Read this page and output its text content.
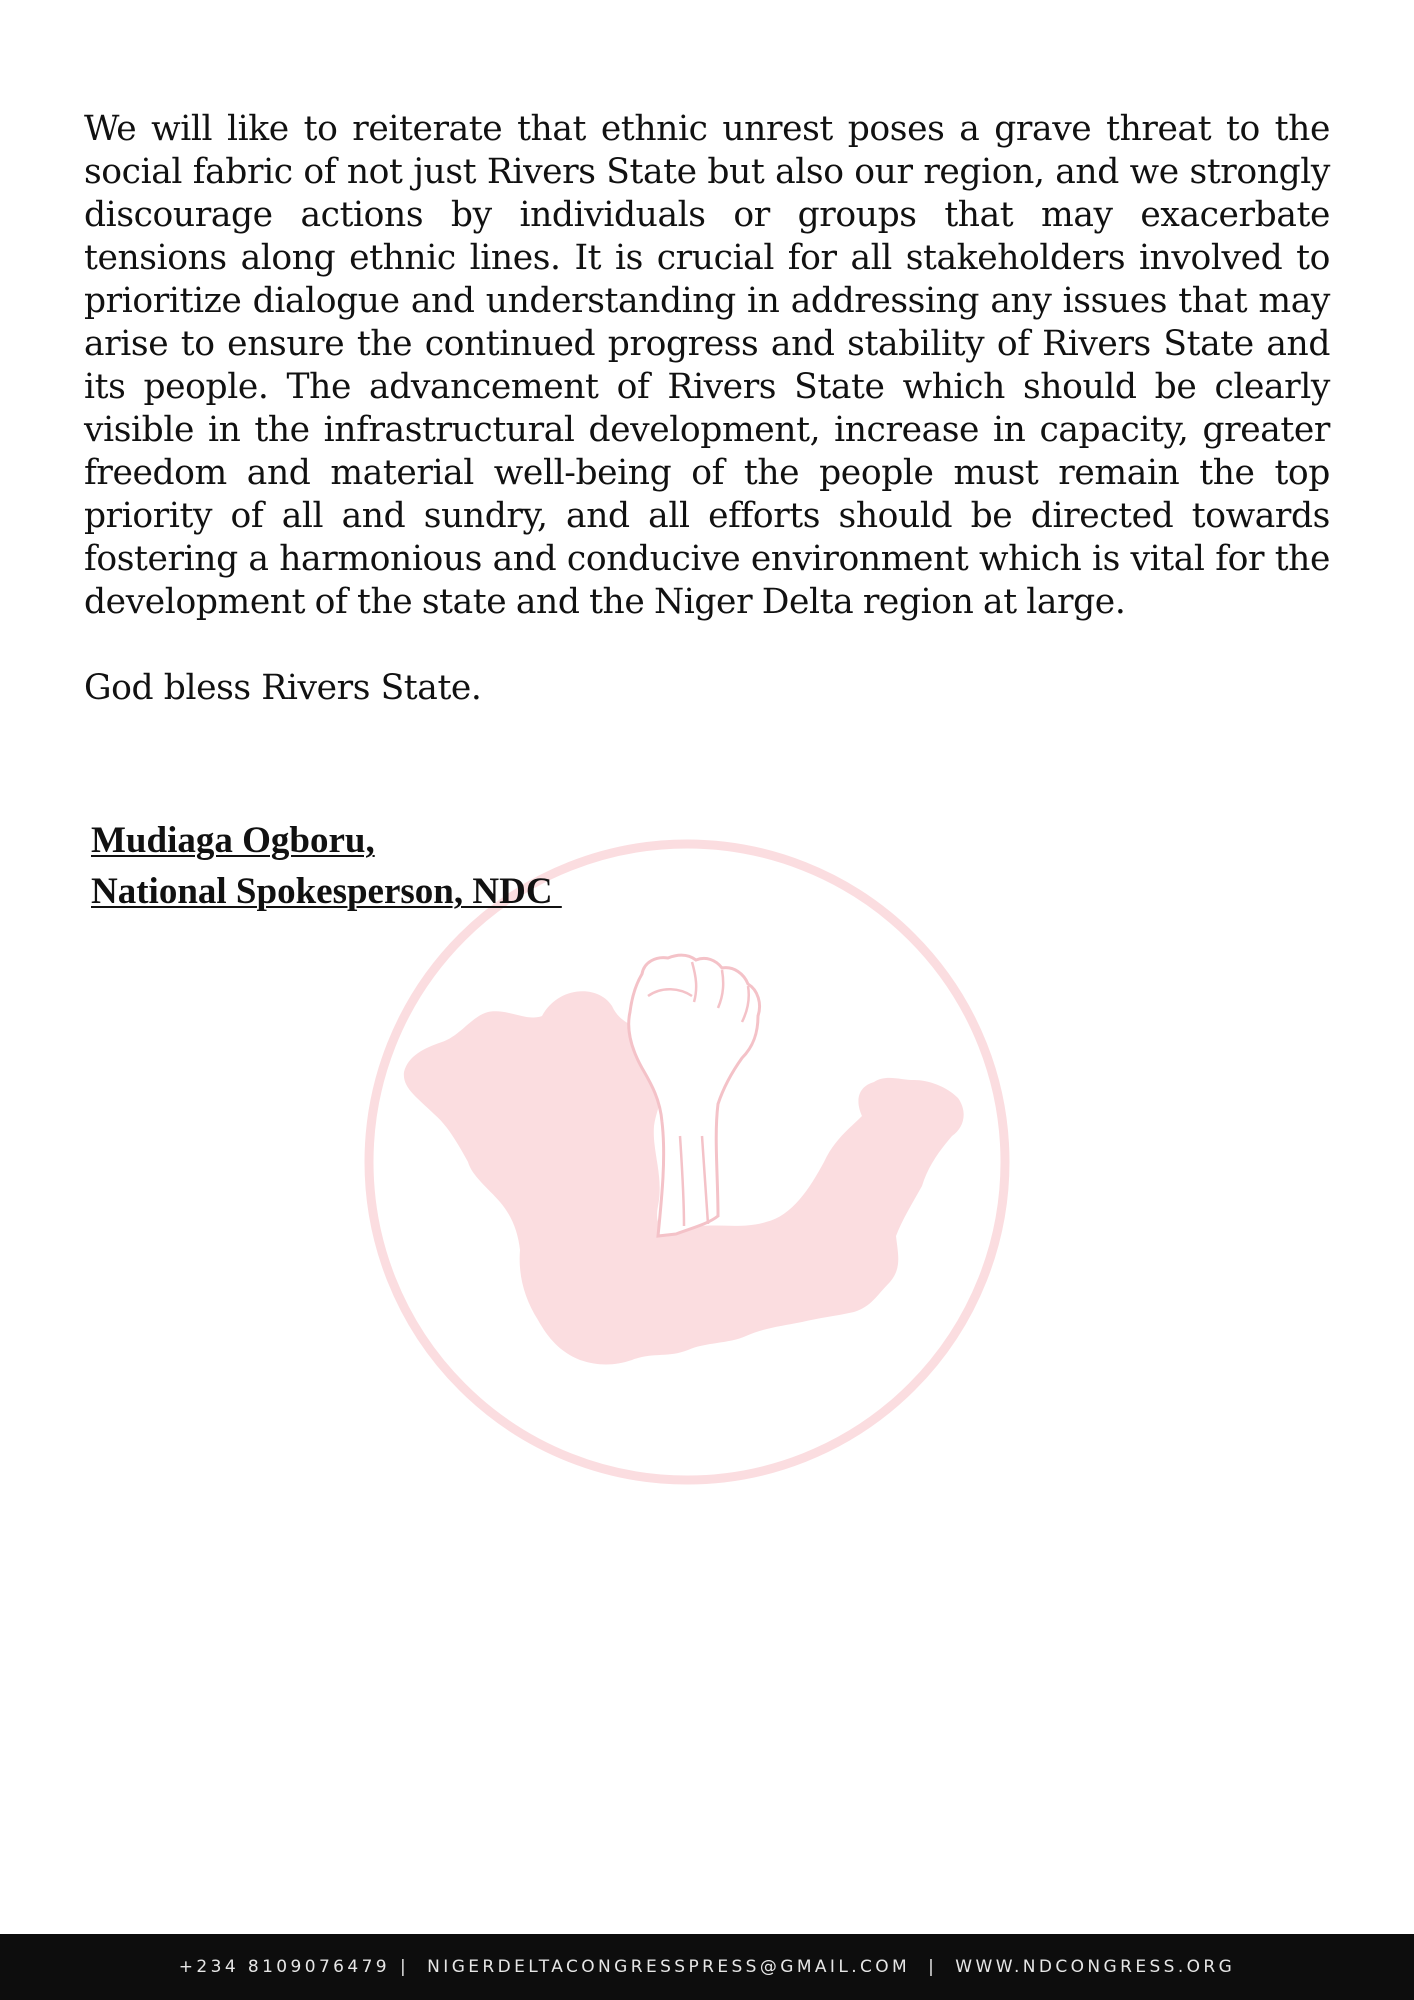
We will like to reiterate that ethnic unrest poses a grave threat to the social fabric of not just Rivers State but also our region, and we strongly discourage actions by individuals or groups that may exacerbate tensions along ethnic lines. It is crucial for all stakeholders involved to prioritize dialogue and understanding in addressing any issues that may arise to ensure the continued progress and stability of Rivers State and its people. The advancement of Rivers State which should be clearly visible in the infrastructural development, increase in capacity, greater freedom and material well-being of the people must remain the top priority of all and sundry, and all efforts should be directed towards fostering a harmonious and conducive environment which is vital for the development of the state and the Niger Delta region at large.

God bless Rivers State.

Mudiaga Ogboru,
National Spokesperson, NDC
+234 8109076479 | NIGERDELTACONGRESSPRESS@GMAIL.COM | WWW.NDCONGRESS.ORG
